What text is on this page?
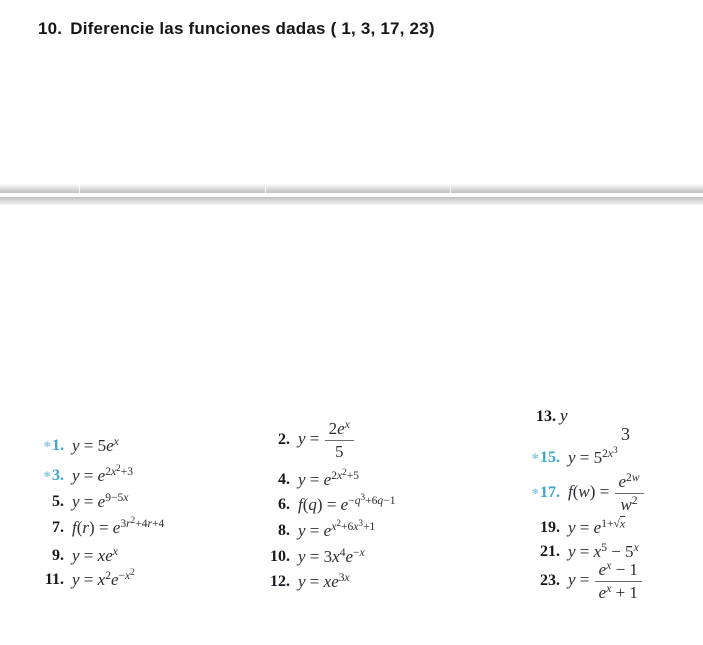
10. Diferencie las funciones dadas ( 1, 3, 17, 23)
* 1. $y = 5e^x$
* 3. $y = e^{2x^2+3}$
5. $y = e^{9-5x}$
7. $f(r) = e^{3r^2+4r+4}$
9. $y = xe^x$
11. $y = x^2e^{-x^2}$
2. $y = \frac{2e^x}{5}$
4. $y = e^{2x^2+5}$
6. $f(q) = e^{-q^3+6q-1}$
8. $y = e^{x^2+6x^3+1}$
10. $y = 3x^4e^{-x}$
12. $y = xe^{3x}$
13. y
3
* 15. $y = 5^{2x^3}$
* 17. $f(w) = \frac{e^{2w}}{w^2}$
19. $y = e^{1+√x}$
21. $y = x^5 - 5^x$
23. $y = \frac{e^x - 1}{e^x + 1}$
